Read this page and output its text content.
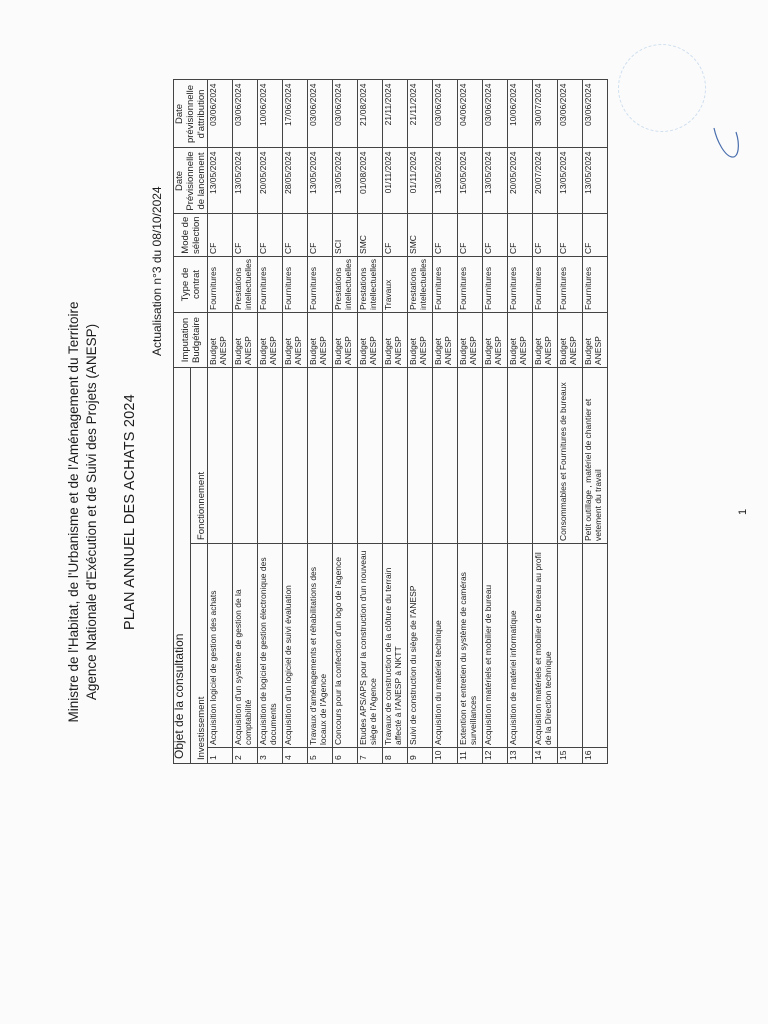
Ministre de l'Habitat, de l'Urbanisme et de l'Aménagement du Territoire Agence Nationale d'Exécution et de Suivi des Projets (ANESP) PLAN ANNUEL DES ACHATS 2024
Actualisation n°3 du 08/10/2024
Objet de la consultation			Imputation Budgétaire	Type de contrat	Mode de sélection	Date Prévisionnelle de lancement	Date prévisionnelle d'attribution
Investissement		Fonctionnement					
1	Acquisition logiciel de gestion des achats		Budget ANESP	Fournitures	CF	13/05/2024	03/06/2024
2	Acquisition d'un système de gestion de la comptabilité		Budget ANESP	Prestations intellectuelles	CF	13/05/2024	03/06/2024
3	Acquisition de logiciel de gestion électronique des documents		Budget ANESP	Fournitures	CF	20/05/2024	10/06/2024
4	Acquisition d'un logiciel de suivi évaluation		Budget ANESP	Fournitures	CF	28/05/2024	17/06/2024
5	Travaux d'aménagements et réhabilitations des locaux de l'Agence		Budget ANESP	Fournitures	CF	13/05/2024	03/06/2024
6	Concours pour la confection d'un logo de l'agence		Budget ANESP	Prestations intellectuelles	SCI	13/05/2024	03/06/2024
7	Etudes APS/APS pour la construction d'un nouveau siège de l'Agence		Budget ANESP	Prestations intellectuelles	SMC	01/08/2024	21/08/2024
8	Travaux de construction de la clôture du terrain affecté à l'ANESP à NKTT		Budget ANESP	Travaux	CF	01/11/2024	21/11/2024
9	Suivi de construction du siège de l'ANESP		Budget ANESP	Prestations intellectuelles	SMC	01/11/2024	21/11/2024
10	Acquisition du matériel technique		Budget ANESP	Fournitures	CF	13/05/2024	03/06/2024
11	Extention et entretien du système de caméras surveillances		Budget ANESP	Fournitures	CF	15/05/2024	04/06/2024
12	Acquisition matériels et mobilier de bureau		Budget ANESP	Fournitures	CF	13/05/2024	03/06/2024
13	Acquisition de matériel informatique		Budget ANESP	Fournitures	CF	20/05/2024	10/06/2024
14	Acquisition matériels et mobilier de bureau au profil de la Direction technique		Budget ANESP	Fournitures	CF	20/07/2024	30/07/2024
15		Consommables et Fournitures de bureaux	Budget ANESP	Fournitures	CF	13/05/2024	03/06/2024
16		Petit outillage , matériel de chantier et vetement du travail	Budget ANESP	Fournitures	CF	13/05/2024	03/06/2024
1
